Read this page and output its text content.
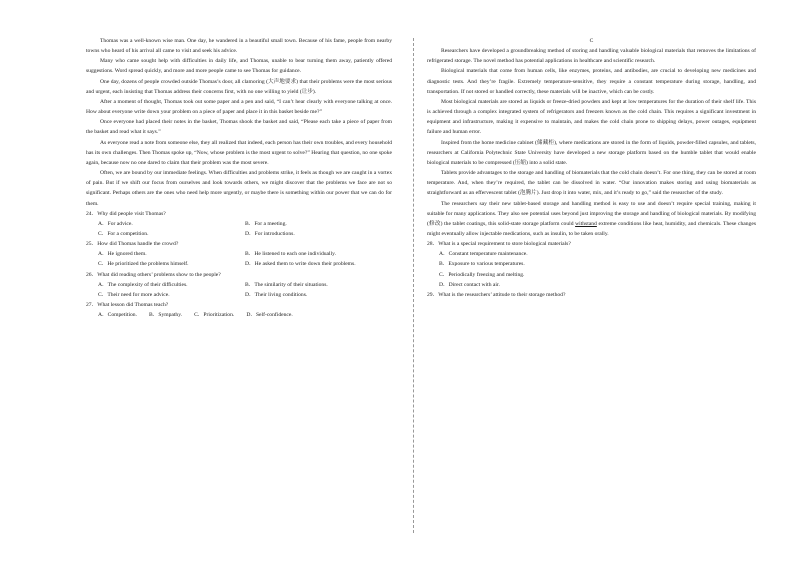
Thomas was a well-known wise man. One day, he wandered in a beautiful small town. Because of his fame, people from nearby towns who heard of his arrival all came to visit and seek his advice.

Many who came sought help with difficulties in daily life, and Thomas, unable to bear turning them away, patiently offered suggestions. Word spread quickly, and more and more people came to see Thomas for guidance.

One day, dozens of people crowded outside Thomas’s door, all clamoring (大声地要求) that their problems were the most serious and urgent, each insisting that Thomas address their concerns first, with no one willing to yield (让步).

After a moment of thought, Thomas took out some paper and a pen and said, “I can’t hear clearly with everyone talking at once. How about everyone write down your problem on a piece of paper and place it in this basket beside me?”

Once everyone had placed their notes in the basket, Thomas shook the basket and said, “Please each take a piece of paper from the basket and read what it says.”

As everyone read a note from someone else, they all realized that indeed, each person has their own troubles, and every household has its own challenges. Then Thomas spoke up, “Now, whose problem is the most urgent to solve?” Hearing that question, no one spoke again, because now no one dared to claim that their problem was the most severe.

Often, we are bound by our immediate feelings. When difficulties and problems strike, it feels as though we are caught in a vortex of pain. But if we shift our focus from ourselves and look towards others, we might discover that the problems we face are not so significant. Perhaps others are the ones who need help more urgently, or maybe there is something within our power that we can do for them.

24．Why did people visit Thomas?

A．For advice.	B．For a meeting.
C．For a competition.	D．For introductions.

25．How did Thomas handle the crowd?

A．He ignored them.	B．He listened to each one individually.
C．He prioritized the problems himself.	D．He asked them to write down their problems.

26．What did reading others’ problems show to the people?

A．The complexity of their difficulties.	B．The similarity of their situations.
C．Their need for more advice.	D．Their living conditions.

27．What lesson did Thomas teach?

A．Competition. B．Sympathy. C．Prioritization. D．Self-confidence.

C

Researchers have developed a groundbreaking method of storing and handling valuable biological materials that removes the limitations of refrigerated storage. The novel method has potential applications in healthcare and scientific research.

Biological materials that come from human cells, like enzymes, proteins, and antibodies, are crucial to developing new medicines and diagnostic tests. And they’re fragile. Extremely temperature-sensitive, they require a constant temperature during storage, handling, and transportation. If not stored or handled correctly, these materials will be inactive, which can be costly.

Most biological materials are stored as liquids or freeze-dried powders and kept at low temperatures for the duration of their shelf life. This is achieved through a complex integrated system of refrigerators and freezers known as the cold chain. This requires a significant investment in equipment and infrastructure, making it expensive to maintain, and makes the cold chain prone to shipping delays, power outages, equipment failure and human error.

Inspired from the home medicine cabinet (储藏柜), where medications are stored in the form of liquids, powder-filled capsules, and tablets, researchers at California Polytechnic State University have developed a new storage platform based on the humble tablet that would enable biological materials to be compressed (压缩) into a solid state.

Tablets provide advantages to the storage and handling of biomaterials that the cold chain doesn’t. For one thing, they can be stored at room temperature. And, when they’re required, the tablet can be dissolved in water. “Our innovation makes storing and using biomaterials as straightforward as an effervescent tablet (泡腾片). Just drop it into water, mix, and it’s ready to go,” said the researcher of the study.

The researchers say their new tablet-based storage and handling method is easy to use and doesn’t require special training, making it suitable for many applications. They also see potential uses beyond just improving the storage and handling of biological materials. By modifying (修改) the tablet coatings, this solid-state storage platform could withstand extreme conditions like heat, humidity, and chemicals. These changes might eventually allow injectable medications, such as insulin, to be taken orally.

28．What is a special requirement to store biological materials?

A．Constant temperature maintenance.

B．Exposure to various temperatures.

C．Periodically freezing and melting.

D．Direct contact with air.

29．What is the researchers’ attitude to their storage method?
